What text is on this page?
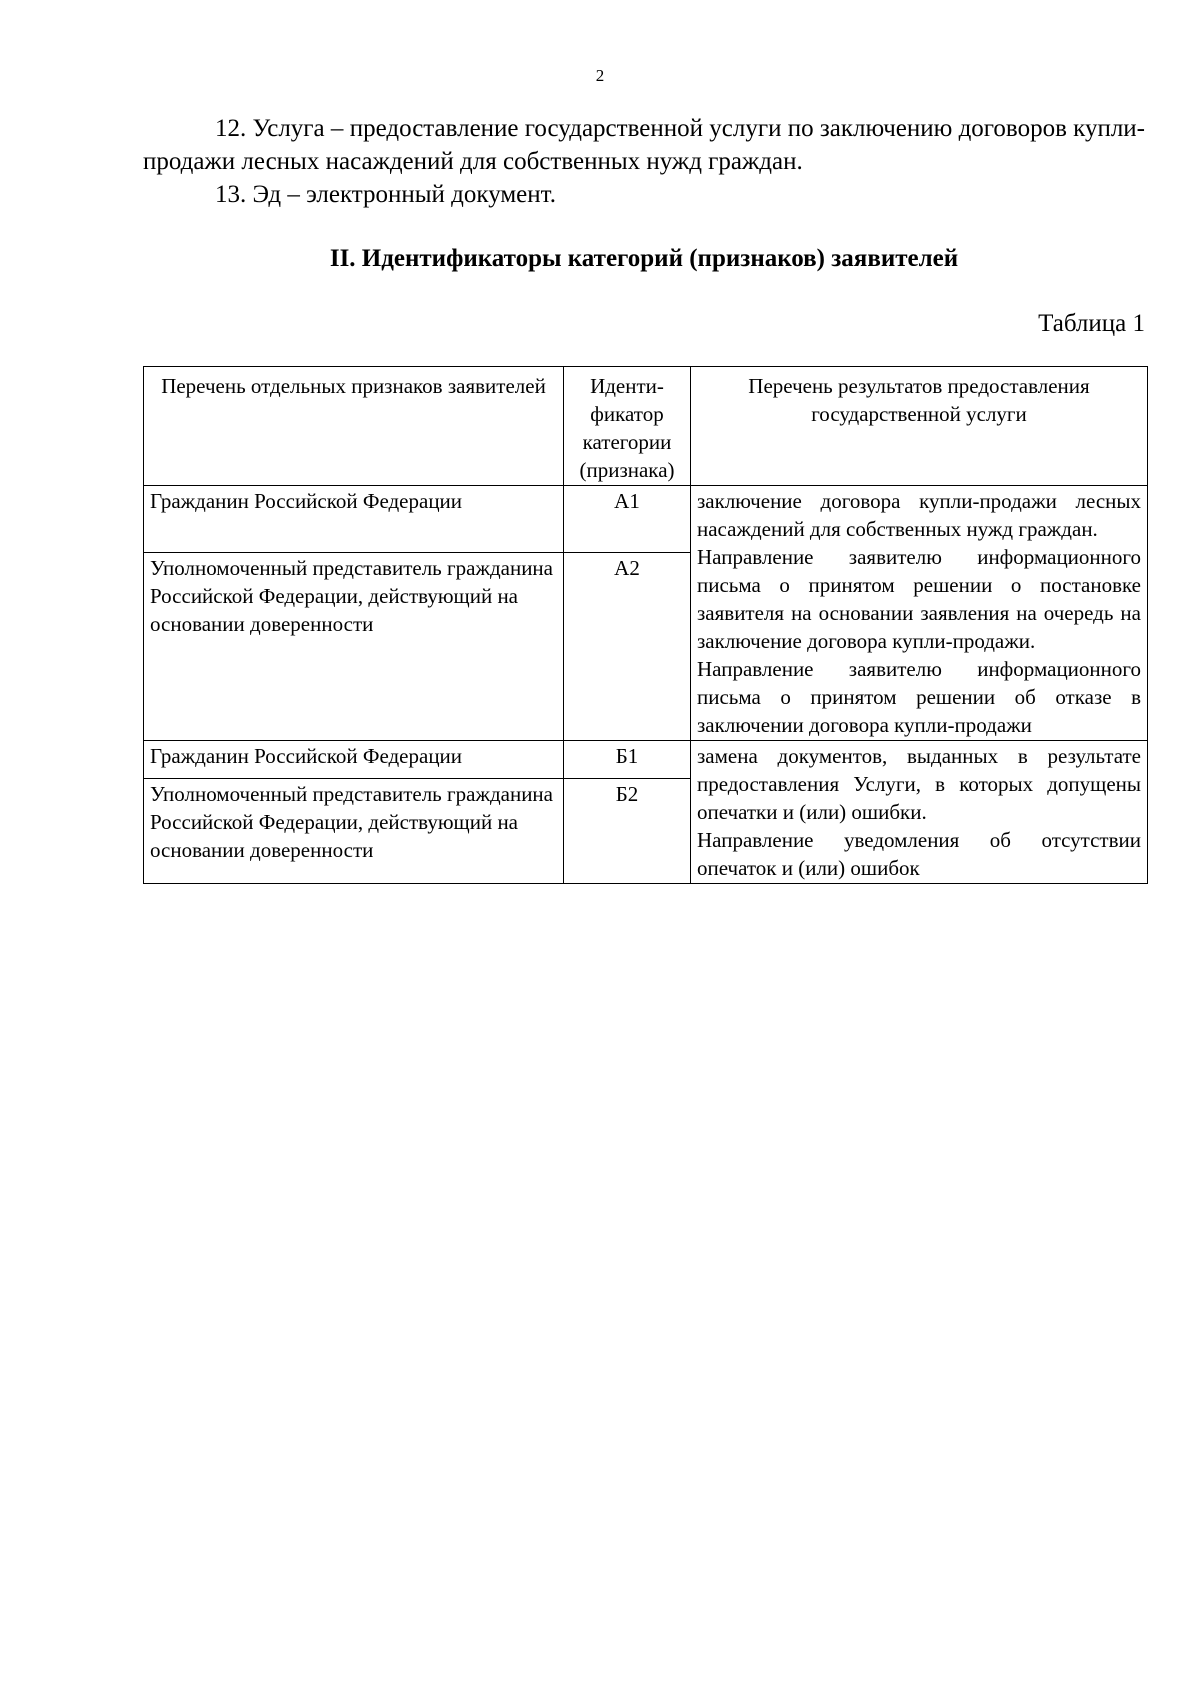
2

12. Услуга – предоставление государственной услуги по заключению договоров купли-продажи лесных насаждений для собственных нужд граждан.

13. Эд – электронный документ.

II. Идентификаторы категорий (признаков) заявителей
Таблица 1
Перечень отдельных признаков заявителей	Иденти-фикатор категории (признака)	Перечень результатов предоставления государственной услуги
Гражданин Российской Федерации	А1	заключение договора купли-продажи лесных насаждений для собственных нужд граждан.
Направление заявителю информационного письма о принятом решении о постановке заявителя на основании заявления на очередь на заключение договора купли-продажи.
Направление заявителю информационного письма о принятом решении об отказе в заключении договора купли-продажи

Уполномоченный представитель гражданина Российской Федерации, действующий на основании доверенности	А2	
Гражданин Российской Федерации	Б1	замена документов, выданных в результате предоставления Услуги, в которых допущены опечатки и (или) ошибки.
Направление уведомления об отсутствии опечаток и (или) ошибок

Уполномоченный представитель гражданина Российской Федерации, действующий на основании доверенности	Б2	
